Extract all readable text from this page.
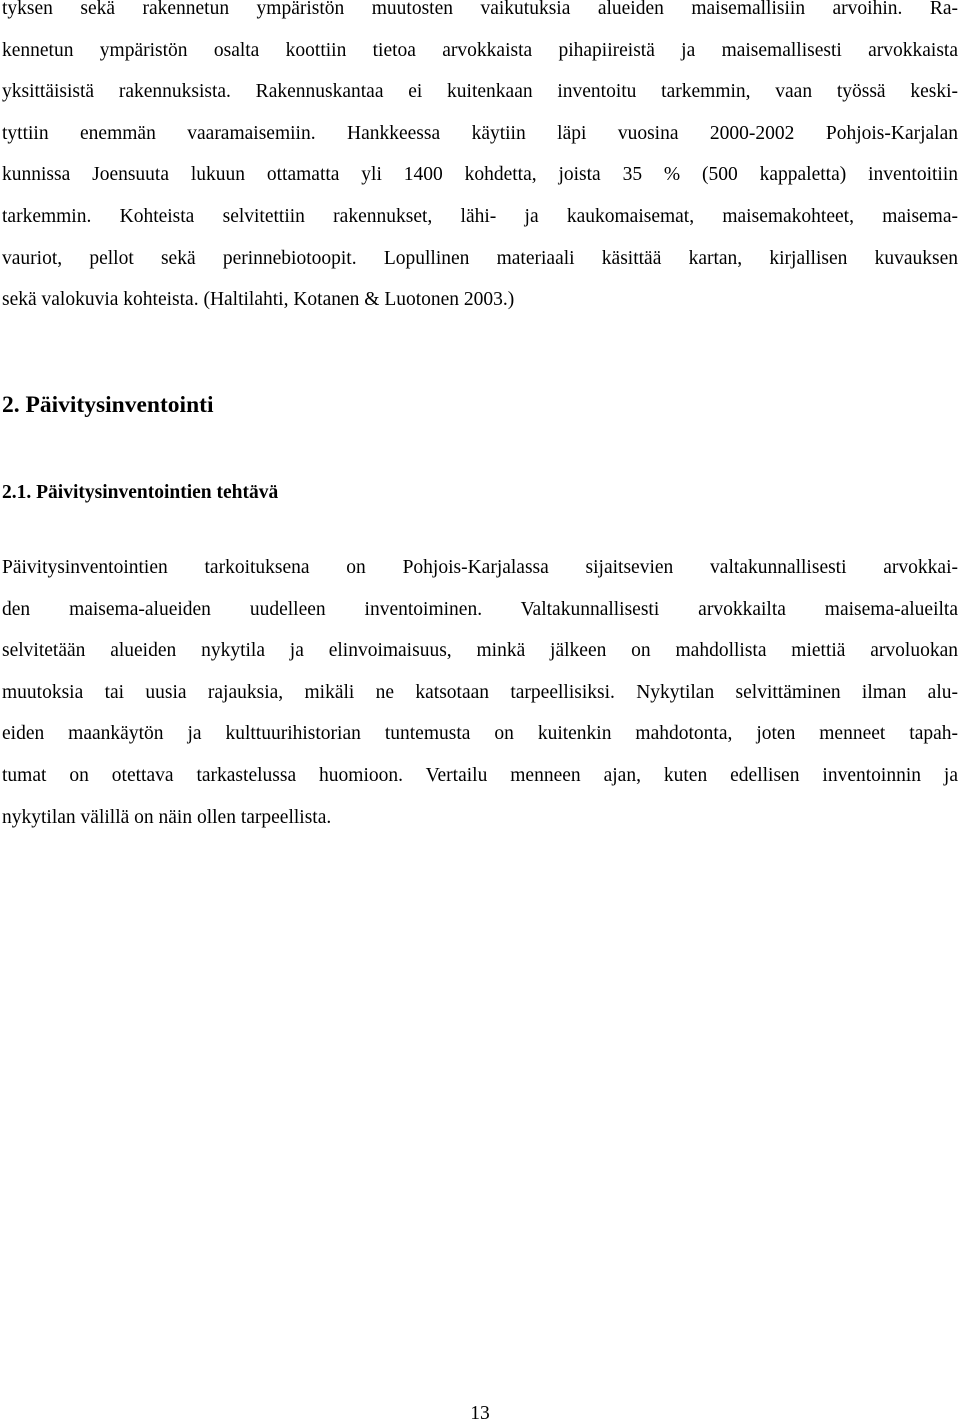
tyksen sekä rakennetun ympäristön muutosten vaikutuksia alueiden maisemallisiin arvoihin. Ra-
kennetun ympäristön osalta koottiin tietoa arvokkaista pihapiireistä ja maisemallisesti arvokkaista
yksittäisistä rakennuksista. Rakennuskantaa ei kuitenkaan inventoitu tarkemmin, vaan työssä keski-
tyttiin enemmän vaaramaisemiin. Hankkeessa käytiin läpi vuosina 2000-2002 Pohjois-Karjalan
kunnissa Joensuuta lukuun ottamatta yli 1400 kohdetta, joista 35 % (500 kappaletta) inventoitiin
tarkemmin. Kohteista selvitettiin rakennukset, lähi- ja kaukomaisemat, maisemakohteet, maisema-
vauriot, pellot sekä perinnebiotoopit. Lopullinen materiaali käsittää kartan, kirjallisen kuvauksen
sekä valokuvia kohteista. (Haltilahti, Kotanen & Luotonen 2003.)
2. Päivitysinventointi
2.1. Päivitysinventointien tehtävä
Päivitysinventointien tarkoituksena on Pohjois-Karjalassa sijaitsevien valtakunnallisesti arvokkai-
den maisema-alueiden uudelleen inventoiminen. Valtakunnallisesti arvokkailta maisema-alueilta
selvitetään alueiden nykytila ja elinvoimaisuus, minkä jälkeen on mahdollista miettiä arvoluokan
muutoksia tai uusia rajauksia, mikäli ne katsotaan tarpeellisiksi. Nykytilan selvittäminen ilman alu-
eiden maankäytön ja kulttuurihistorian tuntemusta on kuitenkin mahdotonta, joten menneet tapah-
tumat on otettava tarkastelussa huomioon. Vertailu menneen ajan, kuten edellisen inventoinnin ja
nykytilan välillä on näin ollen tarpeellista.
13
